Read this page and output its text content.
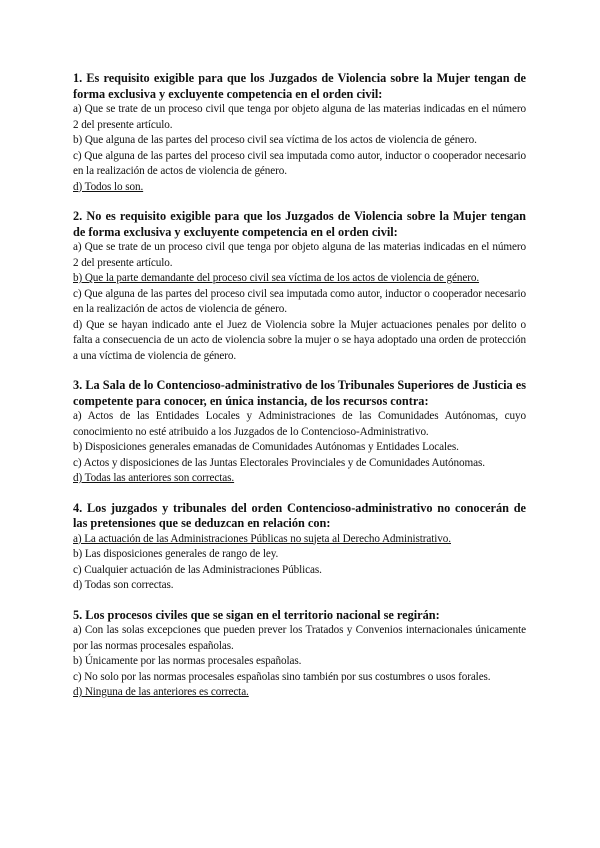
1. Es requisito exigible para que los Juzgados de Violencia sobre la Mujer tengan de forma exclusiva y excluyente competencia en el orden civil:
a) Que se trate de un proceso civil que tenga por objeto alguna de las materias indicadas en el número 2 del presente artículo.
b) Que alguna de las partes del proceso civil sea víctima de los actos de violencia de género.
c) Que alguna de las partes del proceso civil sea imputada como autor, inductor o cooperador necesario en la realización de actos de violencia de género.
d) Todos lo son.
2. No es requisito exigible para que los Juzgados de Violencia sobre la Mujer tengan de forma exclusiva y excluyente competencia en el orden civil:
a) Que se trate de un proceso civil que tenga por objeto alguna de las materias indicadas en el número 2 del presente artículo.
b) Que la parte demandante del proceso civil sea víctima de los actos de violencia de género.
c) Que alguna de las partes del proceso civil sea imputada como autor, inductor o cooperador necesario en la realización de actos de violencia de género.
d) Que se hayan indicado ante el Juez de Violencia sobre la Mujer actuaciones penales por delito o falta a consecuencia de un acto de violencia sobre la mujer o se haya adoptado una orden de protección a una víctima de violencia de género.
3. La Sala de lo Contencioso-administrativo de los Tribunales Superiores de Justicia es competente para conocer, en única instancia, de los recursos contra:
a) Actos de las Entidades Locales y Administraciones de las Comunidades Autónomas, cuyo conocimiento no esté atribuido a los Juzgados de lo Contencioso-Administrativo.
b) Disposiciones generales emanadas de Comunidades Autónomas y Entidades Locales.
c) Actos y disposiciones de las Juntas Electorales Provinciales y de Comunidades Autónomas.
d) Todas las anteriores son correctas.
4. Los juzgados y tribunales del orden Contencioso-administrativo no conocerán de las pretensiones que se deduzcan en relación con:
a) La actuación de las Administraciones Públicas no sujeta al Derecho Administrativo.
b) Las disposiciones generales de rango de ley.
c) Cualquier actuación de las Administraciones Públicas.
d) Todas son correctas.
5. Los procesos civiles que se sigan en el territorio nacional se regirán:
a) Con las solas excepciones que pueden prever los Tratados y Convenios internacionales únicamente por las normas procesales españolas.
b) Únicamente por las normas procesales españolas.
c) No solo por las normas procesales españolas sino también por sus costumbres o usos forales.
d) Ninguna de las anteriores es correcta.
